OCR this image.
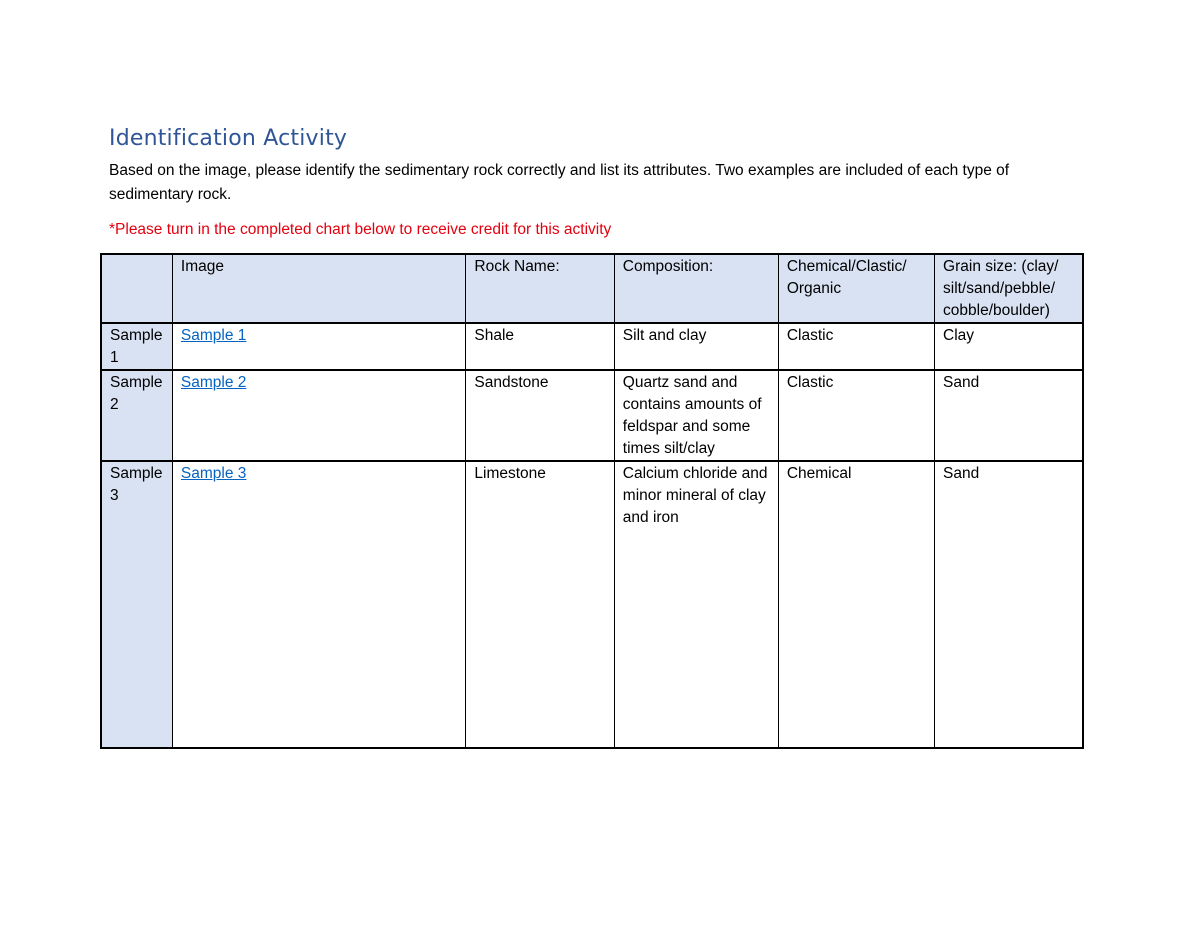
Identification Activity

Based on the image, please identify the sedimentary rock correctly and list its attributes. Two examples are included of each type of sedimentary rock.

*Please turn in the completed chart below to receive credit for this activity

	Image	Rock Name:	Composition:	Chemical/Clastic/ Organic	Grain size: (clay/ silt/sand/pebble/ cobble/boulder)
Sample 1	Sample 1	Shale	Silt and clay	Clastic	Clay
Sample 2	Sample 2	Sandstone	Quartz sand and contains amounts of feldspar and some times silt/clay	Clastic	Sand
Sample 3	Sample 3	Limestone	Calcium chloride and minor mineral of clay and iron	Chemical	Sand
